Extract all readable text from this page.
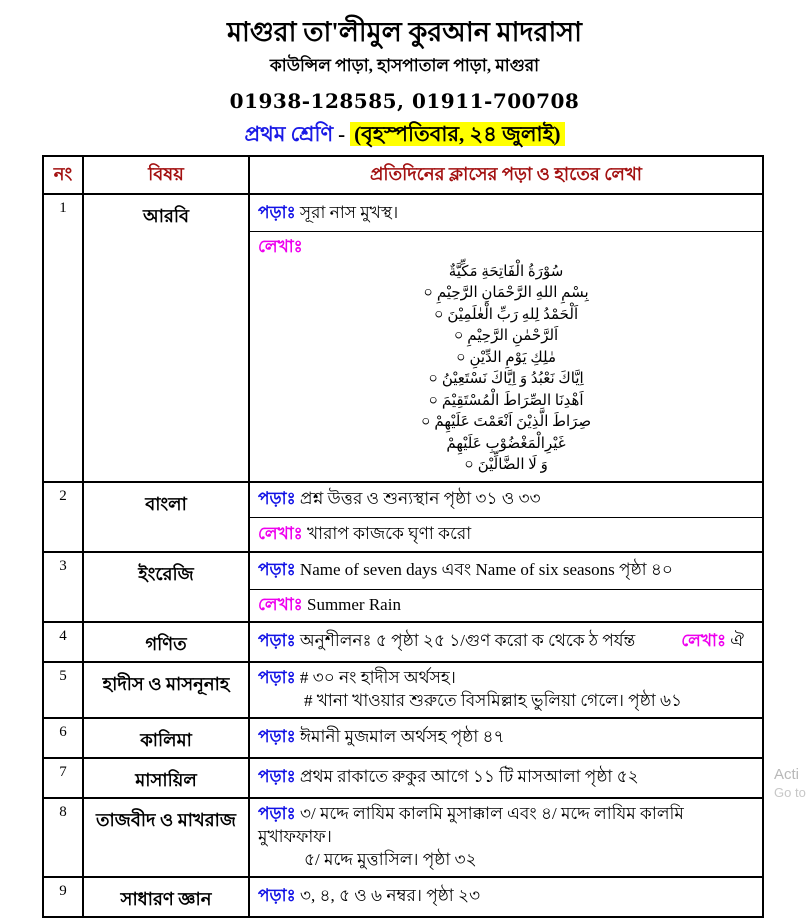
মাগুরা তা'লীমুল কুরআন মাদরাসা
কাউন্সিল পাড়া, হাসপাতাল পাড়া, মাগুরা
01938-128585, 01911-700708
প্রথম শ্রেণি - (বৃহস্পতিবার, ২৪ জুলাই)
নং	বিষয়	প্রতিদিনের ক্লাসের পড়া ও হাতের লেখা
1	আরবি	পড়াঃ সূরা নাস মুখস্থ।
লেখাঃ
سُوْرَةُ الْفَاتِحَةِ مَكِّيَّةٌ
بِسْمِ اللهِ الرَّحْمَانِ الرَّحِيْمِ ০
اَلْحَمْدُ لِلهِ رَبِّ الْعٰلَمِيْنَ ০
اَلرَّحْمٰنِ الرَّحِيْمِ ০
مٰلِكِ يَوْمِ الدِّيْنِ ০
اِيَّاكَ نَعْبُدُ وَ اِيَّاكَ نَسْتَعِيْنُ ০
اَهْدِنَا الصِّرَاطَ الْمُسْتَقِيْمَ ০
صِرَاطَ الَّذِيْنَ اَنْعَمْتَ عَلَيْهِمْ ০
غَيْرِالْمَغْضُوْبِ عَلَيْهِمْ
وَ لَا الضَّالِّيْنَ ০
2	বাংলা	পড়াঃ প্রশ্ন উত্তর ও শুন্যস্থান পৃষ্ঠা ৩১ ও ৩৩
লেখাঃ খারাপ কাজকে ঘৃণা করো
3	ইংরেজি	পড়াঃ Name of seven days এবং Name of six seasons পৃষ্ঠা ৪০
লেখাঃ Summer Rain
4	গণিত	পড়াঃ অনুশীলনঃ ৫ পৃষ্ঠা ২৫ ১/গুণ করো ক থেকে ঠ পর্যন্ত	লেখাঃ ঐ
5	হাদীস ও মাসনূনাহ	পড়াঃ # ৩০ নং হাদীস অর্থসহ।
# খানা খাওয়ার শুরুতে বিসমিল্লাহ ভুলিয়া গেলে। পৃষ্ঠা ৬১
6	কালিমা	পড়াঃ ঈমানী মুজমাল অর্থসহ পৃষ্ঠা ৪৭
7	মাসায়িল	পড়াঃ প্রথম রাকাতে রুকুর আগে ১১ টি মাসআলা পৃষ্ঠা ৫২
8	তাজবীদ ও মাখরাজ	পড়াঃ ৩/ মদ্দে লাযিম কালমি মুসাক্কাল এবং ৪/ মদ্দে লাযিম কালমি মুখাফফাফ।
৫/ মদ্দে মুত্তাসিল। পৃষ্ঠা ৩২
9	সাধারণ জ্ঞান	পড়াঃ ৩, ৪, ৫ ও ৬ নম্বর। পৃষ্ঠা ২৩
Acti
Go to
